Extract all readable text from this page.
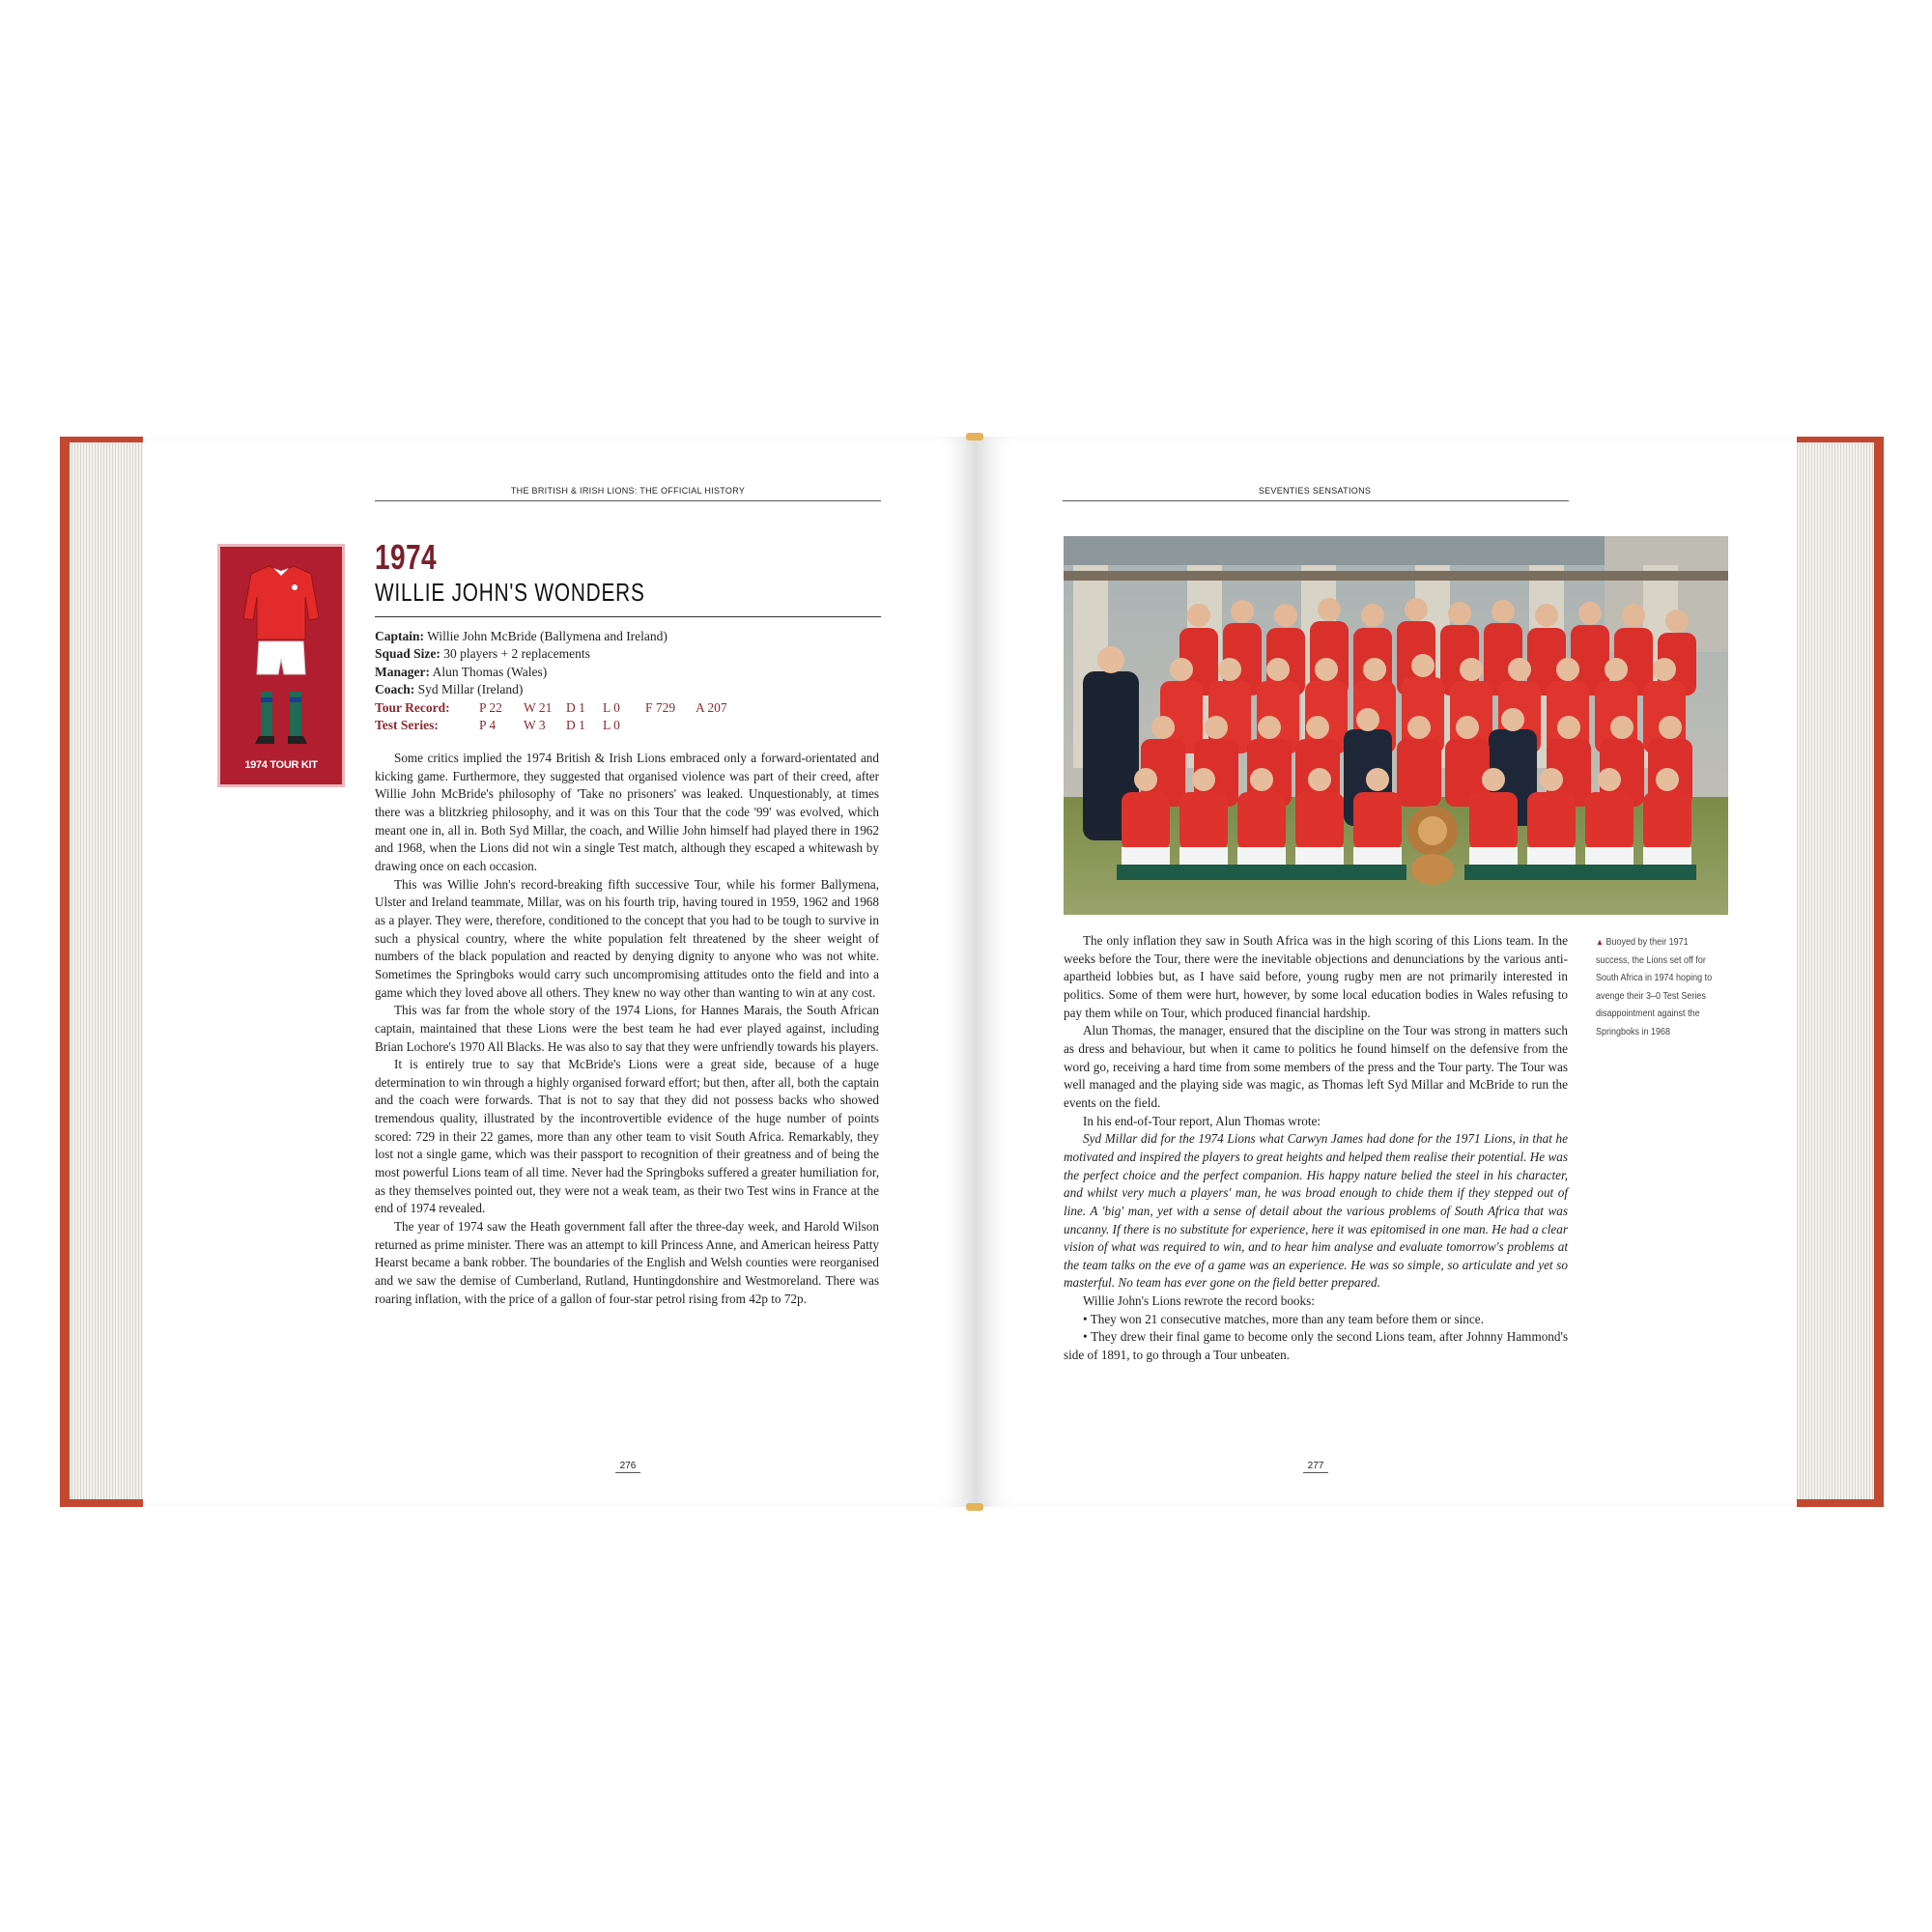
THE BRITISH & IRISH LIONS: THE OFFICIAL HISTORY
1974 TOUR KIT
1974
WILLIE JOHN'S WONDERS
Captain: Willie John McBride (Ballymena and Ireland)
Squad Size: 30 players + 2 replacements
Manager: Alun Thomas (Wales)
Coach: Syd Millar (Ireland)
Tour Record: P 22 W 21 D 1 L 0 F 729 A 207
Test Series:	P 4 W 3 D 1 L 0

Some critics implied the 1974 British & Irish Lions embraced only a forward-orientated and kicking game. Furthermore, they suggested that organised violence was part of their creed, after Willie John McBride's philosophy of 'Take no prisoners' was leaked. Unquestionably, at times there was a blitzkrieg philosophy, and it was on this Tour that the code '99' was evolved, which meant one in, all in. Both Syd Millar, the coach, and Willie John himself had played there in 1962 and 1968, when the Lions did not win a single Test match, although they escaped a whitewash by drawing once on each occasion.

This was Willie John's record-breaking fifth successive Tour, while his former Ballymena, Ulster and Ireland teammate, Millar, was on his fourth trip, having toured in 1959, 1962 and 1968 as a player. They were, therefore, conditioned to the concept that you had to be tough to survive in such a physical country, where the white population felt threatened by the sheer weight of numbers of the black population and reacted by denying dignity to anyone who was not white. Sometimes the Springboks would carry such uncompromising attitudes onto the field and into a game which they loved above all others. They knew no way other than wanting to win at any cost.

This was far from the whole story of the 1974 Lions, for Hannes Marais, the South African captain, maintained that these Lions were the best team he had ever played against, including Brian Lochore's 1970 All Blacks. He was also to say that they were unfriendly towards his players.

It is entirely true to say that McBride's Lions were a great side, because of a huge determination to win through a highly organised forward effort; but then, after all, both the captain and the coach were forwards. That is not to say that they did not possess backs who showed tremendous quality, illustrated by the incontrovertible evidence of the huge number of points scored: 729 in their 22 games, more than any other team to visit South Africa. Remarkably, they lost not a single game, which was their passport to recognition of their greatness and of being the most powerful Lions team of all time. Never had the Springboks suffered a greater humiliation for, as they themselves pointed out, they were not a weak team, as their two Test wins in France at the end of 1974 revealed.

The year of 1974 saw the Heath government fall after the three-day week, and Harold Wilson returned as prime minister. There was an attempt to kill Princess Anne, and American heiress Patty Hearst became a bank robber. The boundaries of the English and Welsh counties were reorganised and we saw the demise of Cumberland, Rutland, Huntingdonshire and Westmoreland. There was roaring inflation, with the price of a gallon of four-star petrol rising from 42p to 72p.

276
SEVENTIES SENSATIONS

The only inflation they saw in South Africa was in the high scoring of this Lions team. In the weeks before the Tour, there were the inevitable objections and denunciations by the various anti-apartheid lobbies but, as I have said before, young rugby men are not primarily interested in politics. Some of them were hurt, however, by some local education bodies in Wales refusing to pay them while on Tour, which produced financial hardship.

Alun Thomas, the manager, ensured that the discipline on the Tour was strong in matters such as dress and behaviour, but when it came to politics he found himself on the defensive from the word go, receiving a hard time from some members of the press and the Tour party. The Tour was well managed and the playing side was magic, as Thomas left Syd Millar and McBride to run the events on the field.

In his end-of-Tour report, Alun Thomas wrote:

Syd Millar did for the 1974 Lions what Carwyn James had done for the 1971 Lions, in that he motivated and inspired the players to great heights and helped them realise their potential. He was the perfect choice and the perfect companion. His happy nature belied the steel in his character, and whilst very much a players' man, he was broad enough to chide them if they stepped out of line. A 'big' man, yet with a sense of detail about the various problems of South Africa that was uncanny. If there is no substitute for experience, here it was epitomised in one man. He had a clear vision of what was required to win, and to hear him analyse and evaluate tomorrow's problems at the team talks on the eve of a game was an experience. He was so simple, so articulate and yet so masterful. No team has ever gone on the field better prepared.

Willie John's Lions rewrote the record books:

• They won 21 consecutive matches, more than any team before them or since.

• They drew their final game to become only the second Lions team, after Johnny Hammond's side of 1891, to go through a Tour unbeaten.

▲ Buoyed by their 1971 success, the Lions set off for South Africa in 1974 hoping to avenge their 3–0 Test Series disappointment against the Springboks in 1968
277
